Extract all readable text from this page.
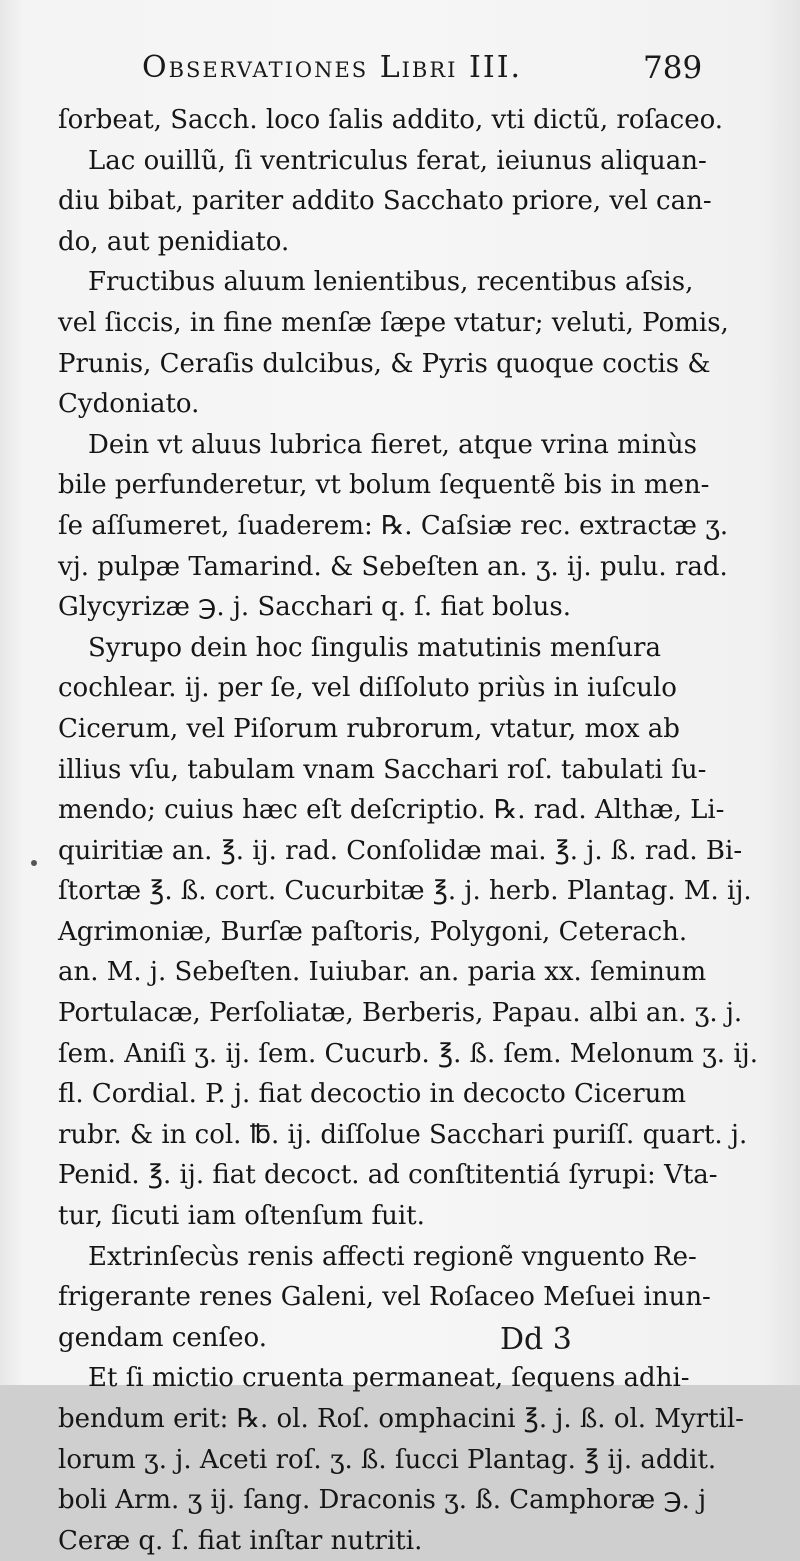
Observationes Libri III.	789
ſorbeat, Sacch. loco ſalis addito, vti dictũ, roſaceo.
Lac ouillũ, ſi ventriculus ferat, ieiunus aliquan-
diu bibat, pariter addito Sacchato priore, vel can-
do, aut penidiato.
Fructibus aluum lenientibus, recentibus aſsis,
vel ſiccis, in fine menſæ ſæpe vtatur; veluti, Pomis,
Prunis, Ceraſis dulcibus, & Pyris quoque coctis &
Cydoniato.
Dein vt aluus lubrica fieret, atque vrina minùs
bile perfunderetur, vt bolum ſequentẽ bis in men-
ſe aſſumeret, ſuaderem: ℞. Caſsiæ rec. extractæ ʒ.
vj. pulpæ Tamarind. & Sebeſten an. ʒ. ij. pulu. rad.
Glycyrizæ ℈. j. Sacchari q. ſ. fiat bolus.
Syrupo dein hoc ſingulis matutinis menſura
cochlear. ij. per ſe, vel diſſoluto priùs in iuſculo
Cicerum, vel Piſorum rubrorum, vtatur, mox ab
illius vſu, tabulam vnam Sacchari roſ. tabulati ſu-
mendo; cuius hæc eſt deſcriptio. ℞. rad. Althæ, Li-
quiritiæ an. ℥. ij. rad. Conſolidæ mai. ℥. j. ß. rad. Bi-
ſtortæ ℥. ß. cort. Cucurbitæ ℥. j. herb. Plantag. M. ij.
Agrimoniæ, Burſæ paſtoris, Polygoni, Ceterach.
an. M. j. Sebeſten. Iuiubar. an. paria xx. ſeminum
Portulacæ, Perſoliatæ, Berberis, Papau. albi an. ʒ. j.
ſem. Aniſi ʒ. ij. ſem. Cucurb. ℥. ß. ſem. Melonum ʒ. ij.
fl. Cordial. P. j. fiat decoctio in decocto Cicerum
rubr. & in col. ℔. ij. diſſolue Sacchari puriſſ. quart. j.
Penid. ℥. ij. fiat decoct. ad conſtitentiá ſyrupi: Vta-
tur, ſicuti iam oſtenſum fuit.
Extrinſecùs renis affecti regionẽ vnguento Re-
frigerante renes Galeni, vel Roſaceo Meſuei inun-
gendam cenſeo.
Et ſi mictio cruenta permaneat, ſequens adhi-
bendum erit: ℞. ol. Roſ. omphacini ℥. j. ß. ol. Myrtil-
lorum ʒ. j. Aceti roſ. ʒ. ß. ſucci Plantag. ℥ ij. addit.
boli Arm. ʒ ij. ſang. Draconis ʒ. ß. Camphoræ ℈. j
Ceræ q. ſ. fiat inſtar nutriti.
Dd 3
